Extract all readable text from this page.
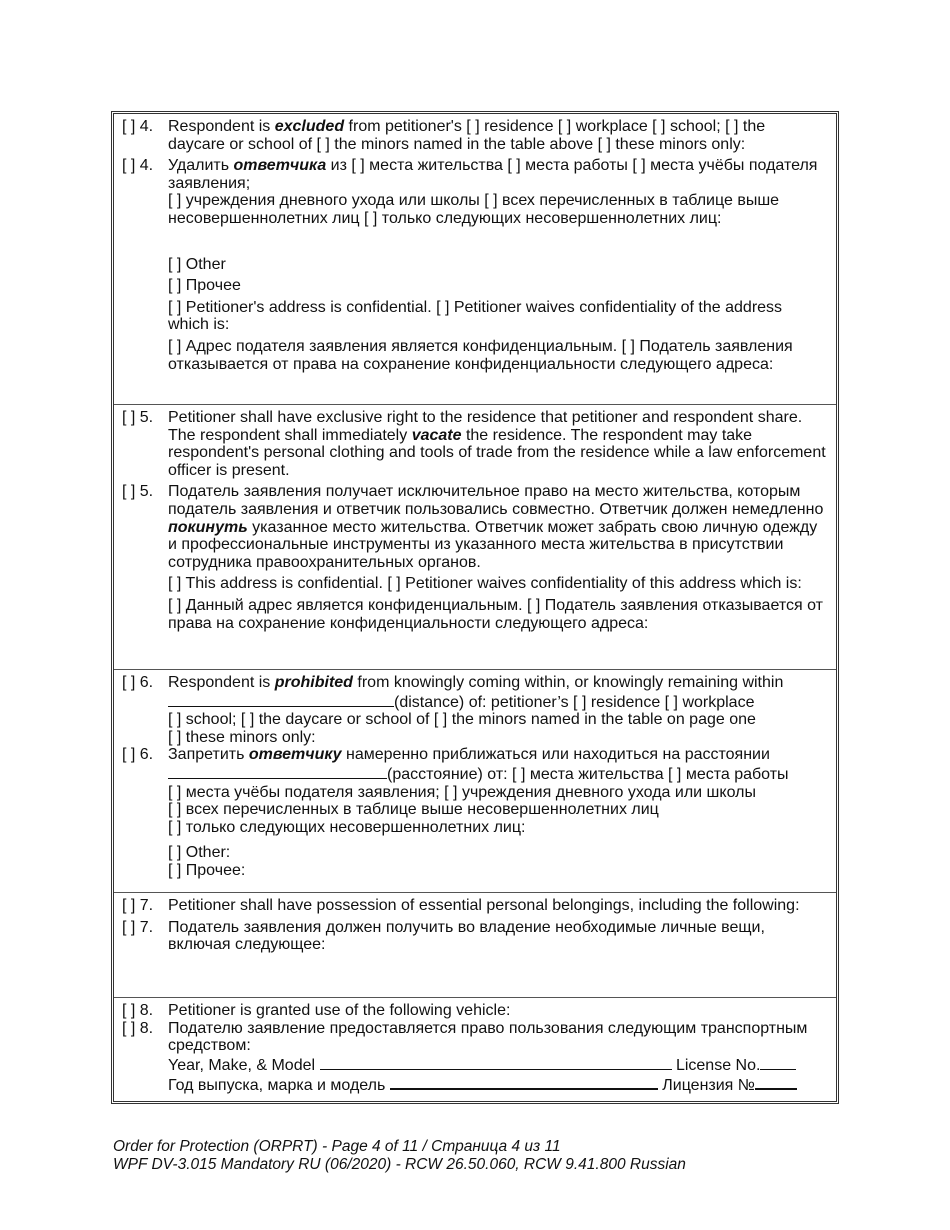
[ ] 4. Respondent is excluded from petitioner's [ ] residence [ ] workplace [ ] school; [ ] the daycare or school of [ ] the minors named in the table above [ ] these minors only:

[ ] 4. Удалить ответчика из [ ] места жительства [ ] места работы [ ] места учёбы подателя заявления;

[ ] учреждения дневного ухода или школы [ ] всех перечисленных в таблице выше несовершеннолетних лиц [ ] только следующих несовершеннолетних лиц:

[ ] Other

[ ] Прочее

[ ] Petitioner's address is confidential. [ ] Petitioner waives confidentiality of the address which is:

[ ] Адрес подателя заявления является конфиденциальным. [ ] Податель заявления отказывается от права на сохранение конфиденциальности следующего адреса:

[ ] 5. Petitioner shall have exclusive right to the residence that petitioner and respondent share. The respondent shall immediately vacate the residence. The respondent may take respondent's personal clothing and tools of trade from the residence while a law enforcement officer is present.

[ ] 5. Податель заявления получает исключительное право на место жительства, которым податель заявления и ответчик пользовались совместно. Ответчик должен немедленно покинуть указанное место жительства. Ответчик может забрать свою личную одежду и профессиональные инструменты из указанного места жительства в присутствии сотрудника правоохранительных органов.

[ ] This address is confidential. [ ] Petitioner waives confidentiality of this address which is:

[ ] Данный адрес является конфиденциальным. [ ] Податель заявления отказывается от права на сохранение конфиденциальности следующего адреса:

[ ] 6. Respondent is prohibited from knowingly coming within, or knowingly remaining within

(distance) of: petitioner’s [ ] residence [ ] workplace

[ ] school; [ ] the daycare or school of [ ] the minors named in the table on page one

[ ] these minors only:

[ ] 6. Запретить ответчику намеренно приближаться или находиться на расстоянии

(расстояние) от: [ ] места жительства [ ] места работы

[ ] места учёбы подателя заявления; [ ] учреждения дневного ухода или школы

[ ] всех перечисленных в таблице выше несовершеннолетних лиц

[ ] только следующих несовершеннолетних лиц:

[ ] Other:

[ ] Прочее:

[ ] 7. Petitioner shall have possession of essential personal belongings, including the following:

[ ] 7. Податель заявления должен получить во владение необходимые личные вещи, включая следующее:

[ ] 8. Petitioner is granted use of the following vehicle:

[ ] 8. Подателю заявление предоставляется право пользования следующим транспортным средством:

Year, Make, & Model	License No.

Год выпуска, марка и модель	Лицензия №

Order for Protection (ORPRT) - Page 4 of 11 / Страница 4 из 11
WPF DV-3.015 Mandatory RU (06/2020) - RCW 26.50.060, RCW 9.41.800 Russian
